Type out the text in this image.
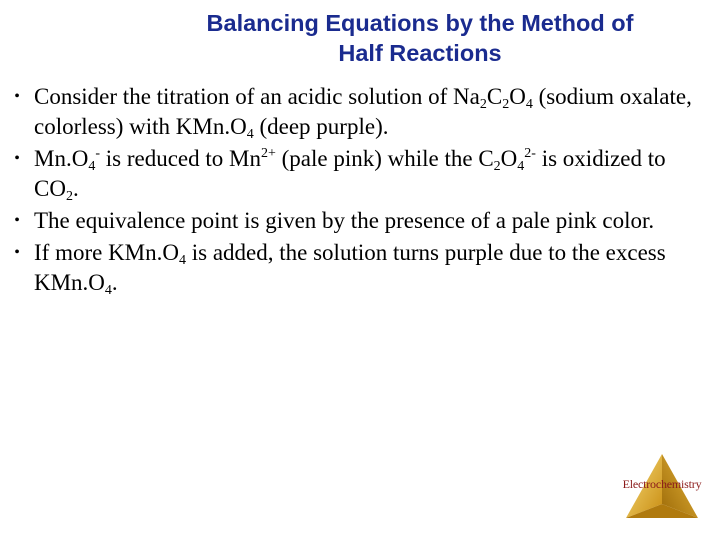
Balancing Equations by the Method of
Half Reactions
• Consider the titration of an acidic solution of $Na_2C_2O_4$ (sodium oxalate, colorless) with $KMn.O_4$ (deep purple).
• $Mn.O_4^-$ is reduced to $Mn^{2+}$ (pale pink) while the $C_2O_4^{2-}$ is oxidized to $CO_2$.
• The equivalence point is given by the presence of a pale pink color.
• If more $KMn.O_4$ is added, the solution turns purple due to the excess $KMn.O_4$.
Electrochemistry
